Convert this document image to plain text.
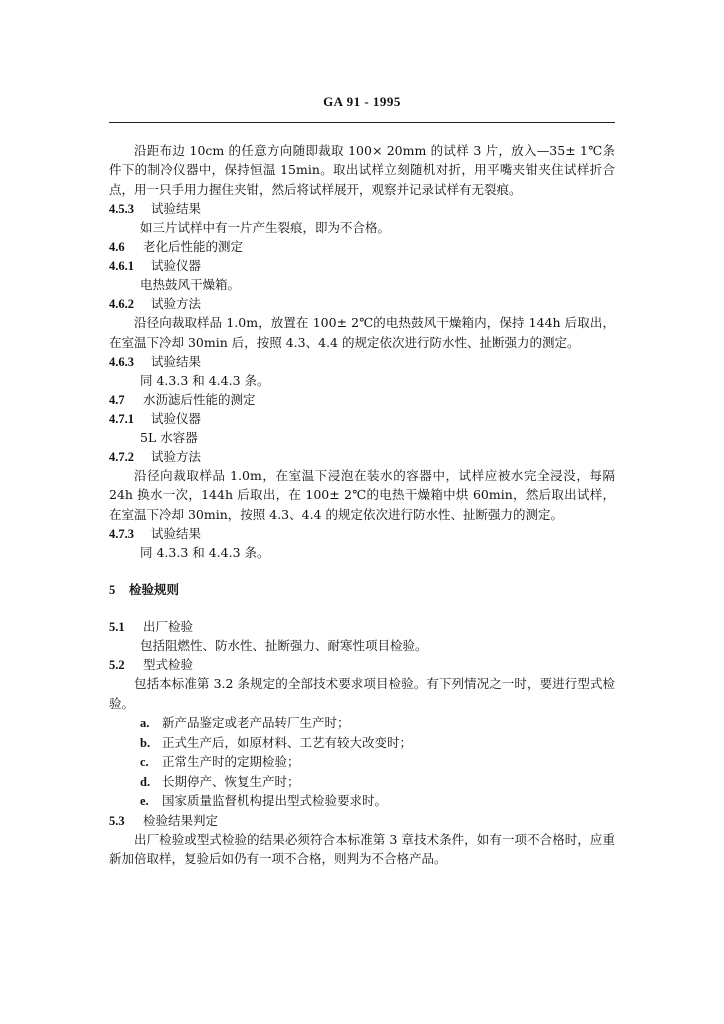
GA 91 - 1995

沿距布边 10cm 的任意方向随即裁取 100× 20mm 的试样 3 片，放入—35± 1℃条件下的制冷仪器中，保持恒温 15min。取出试样立刻随机对折，用平嘴夹钳夹住试样折合点，用一只手用力握住夹钳，然后将试样展开，观察并记录试样有无裂痕。

4.5.3 试验结果
如三片试样中有一片产生裂痕，即为不合格。
4.6 老化后性能的测定
4.6.1 试验仪器
电热鼓风干燥箱。
4.6.2 试验方法

沿径向裁取样品 1.0m，放置在 100± 2℃的电热鼓风干燥箱内，保持 144h 后取出，在室温下冷却 30min 后，按照 4.3、4.4 的规定依次进行防水性、扯断强力的测定。

4.6.3 试验结果
同 4.3.3 和 4.4.3 条。
4.7 水沥滤后性能的测定
4.7.1 试验仪器
5L 水容器
4.7.2 试验方法

沿径向裁取样品 1.0m，在室温下浸泡在装水的容器中，试样应被水完全浸没，每隔 24h 换水一次，144h 后取出，在 100± 2℃的电热干燥箱中烘 60min，然后取出试样，在室温下冷却 30min，按照 4.3、4.4 的规定依次进行防水性、扯断强力的测定。

4.7.3 试验结果
同 4.3.3 和 4.4.3 条。
5 检验规则
5.1 出厂检验
包括阻燃性、防水性、扯断强力、耐寒性项目检验。
5.2 型式检验

包括本标准第 3.2 条规定的全部技术要求项目检验。有下列情况之一时，要进行型式检验。

a. 新产品鉴定或老产品转厂生产时；
b. 正式生产后，如原材料、工艺有较大改变时；
c. 正常生产时的定期检验；
d. 长期停产、恢复生产时；
e. 国家质量监督机构提出型式检验要求时。
5.3 检验结果判定

出厂检验或型式检验的结果必须符合本标准第 3 章技术条件，如有一项不合格时，应重新加倍取样，复验后如仍有一项不合格，则判为不合格产品。
